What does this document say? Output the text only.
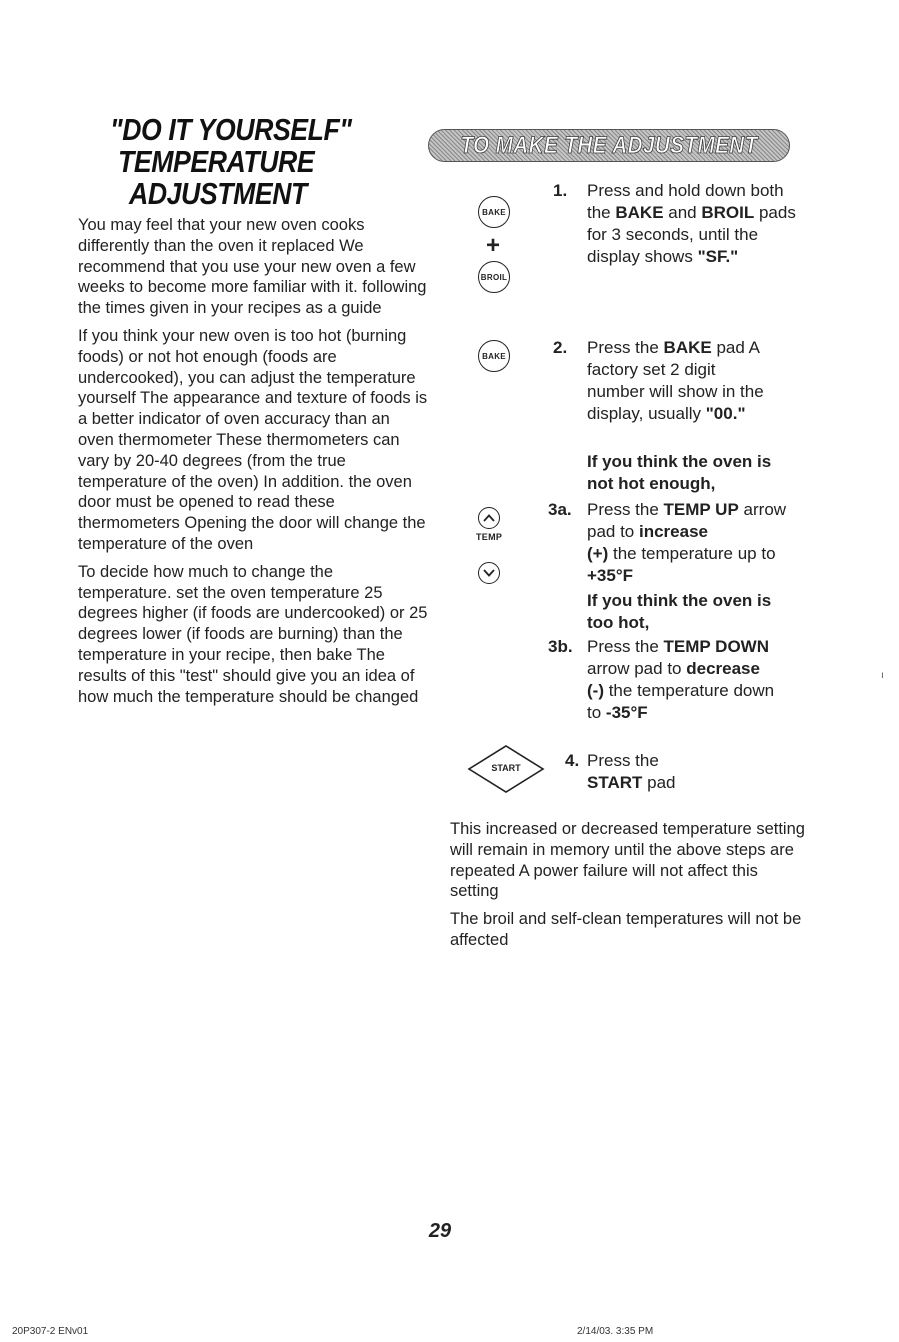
"DO IT YOURSELF"
TEMPERATURE
ADJUSTMENT

You may feel that your new oven cooks differently than the oven it replaced We recommend that you use your new oven a few weeks to become more familiar with it. following the times given in your recipes as a guide

If you think your new oven is too hot (burning foods) or not hot enough (foods are undercooked), you can adjust the temperature yourself The appearance and texture of foods is a better indicator of oven accuracy than an oven thermometer These thermometers can vary by 20-40 degrees (from the true temperature of the oven) In addition. the oven door must be opened to read these thermometers Opening the door will change the temperature of the oven

To decide how much to change the temperature. set the oven temperature 25 degrees higher (if foods are undercooked) or 25 degrees lower (if foods are burning) than the temperature in your recipe, then bake The results of this "test" should give you an idea of how much the temperature should be changed

TO MAKE THE ADJUSTMENT
BAKE
+
BROIL
1. Press and hold down both the BAKE and BROIL pads for 3 seconds, until the display shows "SF."
BAKE	2. Press the BAKE pad A factory set 2 digit number will show in the display, usually "00."
If you think the oven is not hot enough,
TEMP
3a. Press the TEMP UP arrow pad to increase
(+) the temperature up to +35°F
If you think the oven is too hot,
3b. Press the TEMP DOWN arrow pad to decrease (-) the temperature down to -35°F
START	4. Press the START pad

This increased or decreased temperature setting will remain in memory until the above steps are repeated A power failure will not affect this setting

The broil and self-clean temperatures will not be affected

ı
29
20P307-2 ENv01	2/14/03. 3:35 PM
